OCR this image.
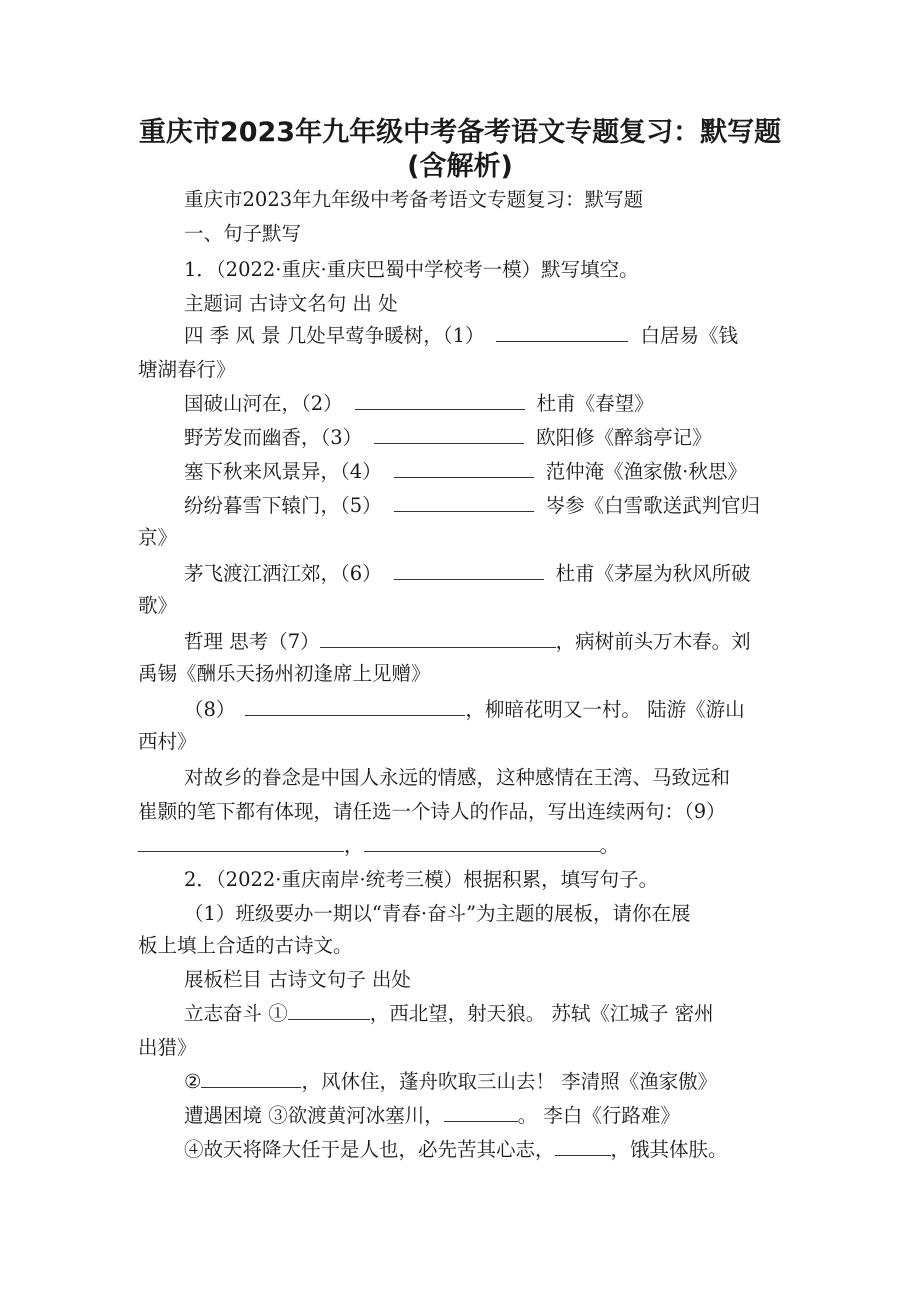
重庆市2023年九年级中考备考语文专题复习：默写题
(含解析)
重庆市2023年九年级中考备考语文专题复习：默写题
一、句子默写
1．（2022·重庆·重庆巴蜀中学校考一模）默写填空。
主题词 古诗文名句 出 处
四 季 风 景 几处早莺争暖树，（1）	白居易《钱
塘湖春行》
国破山河在，（2）	杜甫《春望》
野芳发而幽香，（3）	欧阳修《醉翁亭记》
塞下秋来风景异，（4）	范仲淹《渔家傲·秋思》
纷纷暮雪下辕门，（5）	岑参《白雪歌送武判官归
京》
茅飞渡江洒江郊，（6）	杜甫《茅屋为秋风所破
歌》
哲理 思考（7）	，病树前头万木春。刘
禹锡《酬乐天扬州初逢席上见赠》
（8）	，柳暗花明又一村。 陆游《游山
西村》
对故乡的眷念是中国人永远的情感，这种感情在王湾、马致远和
崔颢的笔下都有体现，请任选一个诗人的作品，写出连续两句：（9）
，	。
2．（2022·重庆南岸·统考三模）根据积累，填写句子。
（1）班级要办一期以“青春·奋斗”为主题的展板，请你在展
板上填上合适的古诗文。
展板栏目 古诗文句子 出处
立志奋斗 ①	，西北望，射天狼。 苏轼《江城子 密州
出猎》
②	，风休住，蓬舟吹取三山去！ 李清照《渔家傲》
遭遇困境 ③欲渡黄河冰塞川，	。 李白《行路难》
④故天将降大任于是人也，必先苦其心志，	，饿其体肤。
